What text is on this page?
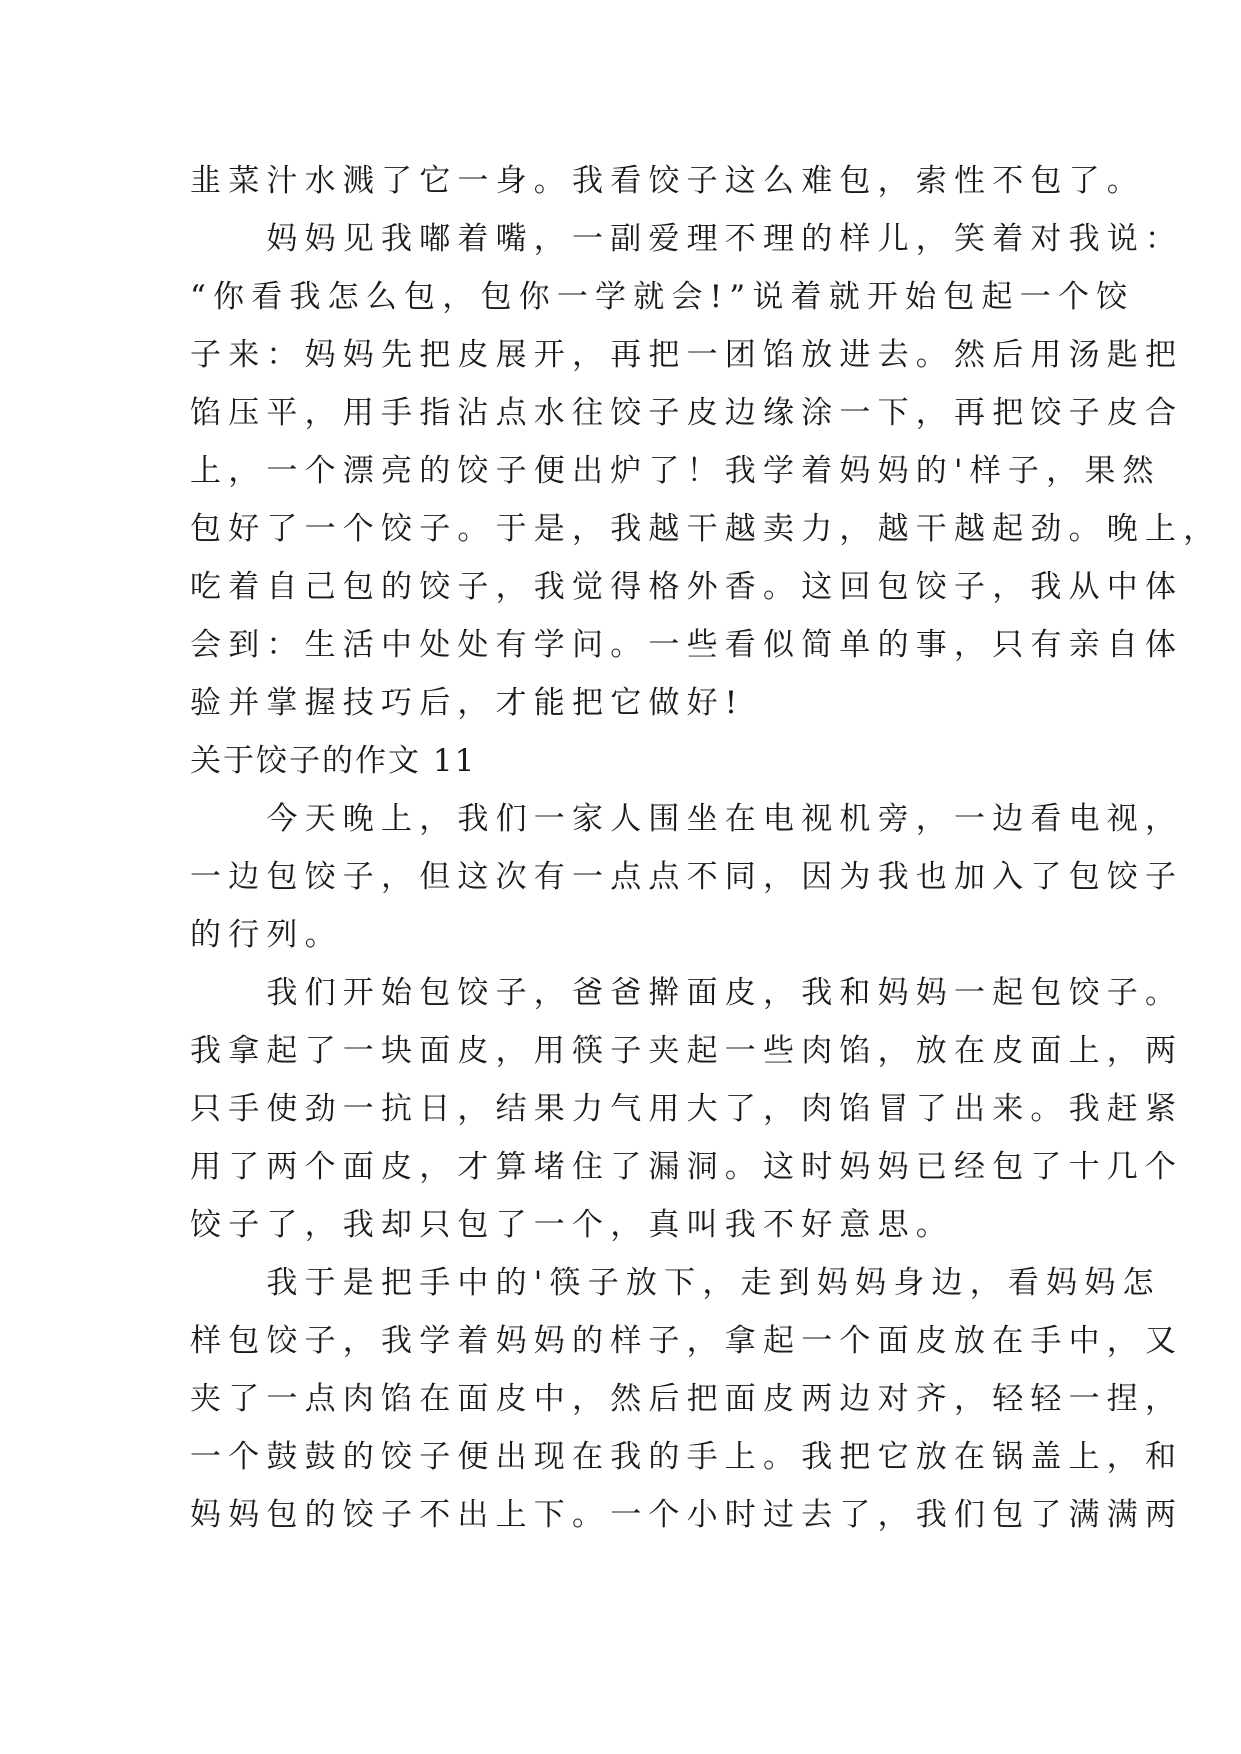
韭菜汁水溅了它一身。我看饺子这么难包，索性不包了。
　　妈妈见我嘟着嘴，一副爱理不理的样儿，笑着对我说：
“你看我怎么包，包你一学就会!”说着就开始包起一个饺
子来：妈妈先把皮展开，再把一团馅放进去。然后用汤匙把
馅压平，用手指沾点水往饺子皮边缘涂一下，再把饺子皮合
上，一个漂亮的饺子便出炉了！我学着妈妈的'样子，果然
包好了一个饺子。于是，我越干越卖力，越干越起劲。晚上，
吃着自己包的饺子，我觉得格外香。这回包饺子，我从中体
会到：生活中处处有学问。一些看似简单的事，只有亲自体
验并掌握技巧后，才能把它做好!
关于饺子的作文 11
　　今天晚上，我们一家人围坐在电视机旁，一边看电视，
一边包饺子，但这次有一点点不同，因为我也加入了包饺子
的行列。
　　我们开始包饺子，爸爸擀面皮，我和妈妈一起包饺子。
我拿起了一块面皮，用筷子夹起一些肉馅，放在皮面上，两
只手使劲一抗日，结果力气用大了，肉馅冒了出来。我赶紧
用了两个面皮，才算堵住了漏洞。这时妈妈已经包了十几个
饺子了，我却只包了一个，真叫我不好意思。
　　我于是把手中的'筷子放下，走到妈妈身边，看妈妈怎
样包饺子，我学着妈妈的样子，拿起一个面皮放在手中，又
夹了一点肉馅在面皮中，然后把面皮两边对齐，轻轻一捏，
一个鼓鼓的饺子便出现在我的手上。我把它放在锅盖上，和
妈妈包的饺子不出上下。一个小时过去了，我们包了满满两
